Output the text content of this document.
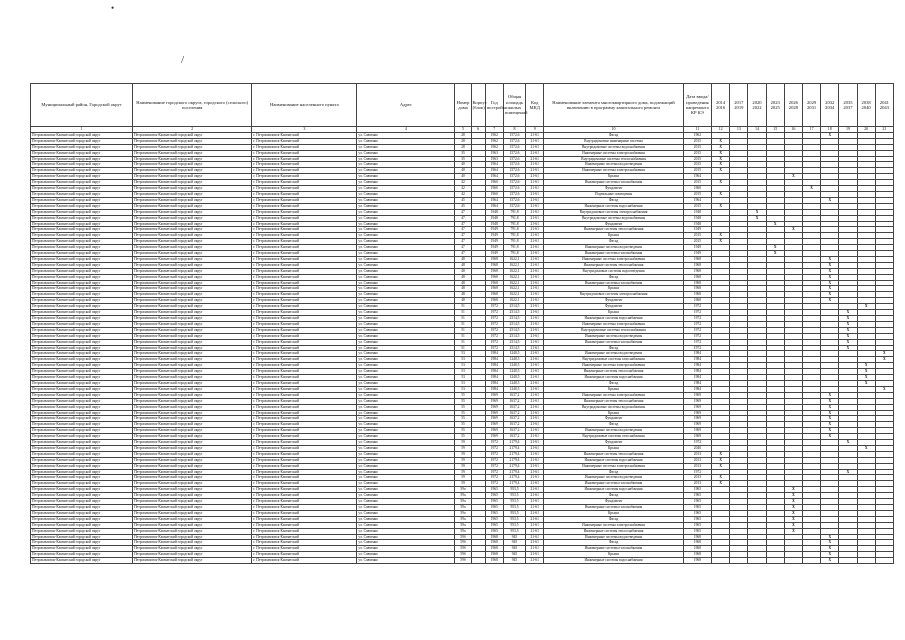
•
/
Муниципальный район, Городской округ	Наименование городского округа, городского (сельского) поселения	Наименование населенного пункта	Адрес	Номер дома	Корпус (блок)	Год постройки	Общая площадь жилых помещений	Код МКД	Наименование элемента многоквартирного дома, подлежащий включению в программу капитального ремонта	Дата ввода/ проведения капремонта КР КЭ	2014 2016	2017 2019	2020 2022	2023 2025	2026 2028	2029 2031	2032 2034	2035 2037	2038 2040	2041 2043
1	2	3	4	5	6	7	8	9	10	11	12	13	14	15	16	17	18	19	20	21
Петропавловск-Камчатский городской округ	Петропавловск-Камчатский городской округ	г. Петропавловск-Камчатский	ул. Савченко	28		1962	1572,6	21-61	Фасад	1962							X			
Петропавловск-Камчатский городской округ	Петропавловск-Камчатский городской округ	г. Петропавловск-Камчатский	ул. Савченко	28		1962	1572,6	21-61	Внутридомовые инженерные системы	2015	X									
Петропавловск-Камчатский городской округ	Петропавловск-Камчатский городской округ	г. Петропавловск-Камчатский	ул. Савченко	28		1962	1572,6	21-61	Внутридомовые системы водоснабжения	2015	X									
Петропавловск-Камчатский городской округ	Петропавловск-Камчатский городской округ	г. Петропавловск-Камчатский	ул. Савченко	35		1963	1572,6	21-61	Инженерные системы электроснабжения	2015	X									
Петропавловск-Камчатский городской округ	Петропавловск-Камчатский городской округ	г. Петропавловск-Камчатский	ул. Савченко	35		1963	1572,6	21-61	Внутридомовые системы теплоснабжения	2015	X									
Петропавловск-Камчатский городской округ	Петропавловск-Камчатский городской округ	г. Петропавловск-Камчатский	ул. Савченко	40		1964	1572,6	21-61	Инженерные системы водоотведения	2015	X									
Петропавловск-Камчатский городской округ	Петропавловск-Камчатский городской округ	г. Петропавловск-Камчатский	ул. Савченко	40		1964	1572,6	21-61	Инженерные системы электроснабжения	2015	X									
Петропавловск-Камчатский городской округ	Петропавловск-Камчатский городской округ	г. Петропавловск-Камчатский	ул. Савченко	40		1964	1572,6	21-61	Крыша	1964					X					
Петропавловск-Камчатский городской округ	Петропавловск-Камчатский городской округ	г. Петропавловск-Камчатский	ул. Савченко	42		1960	1572,6	21-61	Инженерные системы газоснабжения	2015	X									
Петропавловск-Камчатский городской округ	Петропавловск-Камчатский городской округ	г. Петропавловск-Камчатский	ул. Савченко	42		1960	1572,6	21-61	Фундамент	1960						X				
Петропавловск-Камчатский городской округ	Петропавловск-Камчатский городской округ	г. Петропавловск-Камчатский	ул. Савченко	42		1960	1572,6	21-61	Подвальные помещения	2015	X									
Петропавловск-Камчатский городской округ	Петропавловск-Камчатский городской округ	г. Петропавловск-Камчатский	ул. Савченко	45		1964	1572,6	21-61	Фасад	1964							X			
Петропавловск-Камчатский городской округ	Петропавловск-Камчатский городской округ	г. Петропавловск-Камчатский	ул. Савченко	45		1964	1572,6	21-61	Инженерные системы водоснабжения	2015	X									
Петропавловск-Камчатский городской округ	Петропавловск-Камчатский городской округ	г. Петропавловск-Камчатский	ул. Савченко	47		1948	791,8	21-61	Внутридомовые системы электроснабжения	1948			X							
Петропавловск-Камчатский городской округ	Петропавловск-Камчатский городской округ	г. Петропавловск-Камчатский	ул. Савченко	47		1948	791,8	21-61	Внутридомовые системы водоснабжения	1948			X							
Петропавловск-Камчатский городской округ	Петропавловск-Камчатский городской округ	г. Петропавловск-Камчатский	ул. Савченко	47		1948	791,8	21-61	Фундамент	1948				X						
Петропавловск-Камчатский городской округ	Петропавловск-Камчатский городской округ	г. Петропавловск-Камчатский	ул. Савченко	47		1949	791,8	21-61	Инженерные системы теплоснабжения	1949					X					
Петропавловск-Камчатский городской округ	Петропавловск-Камчатский городской округ	г. Петропавловск-Камчатский	ул. Савченко	47		1949	791,8	21-61	Крыша	2015	X									
Петропавловск-Камчатский городской округ	Петропавловск-Камчатский городской округ	г. Петропавловск-Камчатский	ул. Савченко	47		1949	791,8	21-61	Фасад	2015	X									
Петропавловск-Камчатский городской округ	Петропавловск-Камчатский городской округ	г. Петропавловск-Камчатский	ул. Савченко	47		1949	791,8	21-61	Инженерные системы водоотведения	1949				X						
Петропавловск-Камчатский городской округ	Петропавловск-Камчатский городской округ	г. Петропавловск-Камчатский	ул. Савченко	47		1949	791,8	21-61	Инженерные системы газоснабжения	1949				X						
Петропавловск-Камчатский городской округ	Петропавловск-Камчатский городской округ	г. Петропавловск-Камчатский	ул. Савченко	48		1968	1622,1	21-61	Инженерные системы электроснабжения	1968							X			
Петропавловск-Камчатский городской округ	Петропавловск-Камчатский городской округ	г. Петропавловск-Камчатский	ул. Савченко	48		1968	1622,1	21-61	Инженерные системы теплоснабжения	1968							X			
Петропавловск-Камчатский городской округ	Петропавловск-Камчатский городской округ	г. Петропавловск-Камчатский	ул. Савченко	48		1968	1622,1	21-61	Внутридомовые системы водоотведения	1968							X			
Петропавловск-Камчатский городской округ	Петропавловск-Камчатский городской округ	г. Петропавловск-Камчатский	ул. Савченко	48		1968	1622,1	21-61	Фасад	1968							X			
Петропавловск-Камчатский городской округ	Петропавловск-Камчатский городской округ	г. Петропавловск-Камчатский	ул. Савченко	48		1968	1622,1	21-61	Инженерные системы газоснабжения	1968							X			
Петропавловск-Камчатский городской округ	Петропавловск-Камчатский городской округ	г. Петропавловск-Камчатский	ул. Савченко	48		1968	1622,1	21-61	Крыша	1968							X			
Петропавловск-Камчатский городской округ	Петропавловск-Камчатский городской округ	г. Петропавловск-Камчатский	ул. Савченко	48		1968	1622,1	21-61	Внутридомовые системы электроснабжения	1968							X			
Петропавловск-Камчатский городской округ	Петропавловск-Камчатский городской округ	г. Петропавловск-Камчатский	ул. Савченко	48		1968	1622,1	21-61	Фундамент	1968							X			
Петропавловск-Камчатский городской округ	Петропавловск-Камчатский городской округ	г. Петропавловск-Камчатский	ул. Савченко	51		1972	2514,5	21-61	Фундамент	1972									X	
Петропавловск-Камчатский городской округ	Петропавловск-Камчатский городской округ	г. Петропавловск-Камчатский	ул. Савченко	51		1972	2514,5	21-61	Крыша	1972								X		
Петропавловск-Камчатский городской округ	Петропавловск-Камчатский городской округ	г. Петропавловск-Камчатский	ул. Савченко	51		1972	2514,5	21-61	Инженерные системы водоснабжения	1972								X		
Петропавловск-Камчатский городской округ	Петропавловск-Камчатский городской округ	г. Петропавловск-Камчатский	ул. Савченко	51		1972	2514,5	21-61	Инженерные системы электроснабжения	1972								X		
Петропавловск-Камчатский городской округ	Петропавловск-Камчатский городской округ	г. Петропавловск-Камчатский	ул. Савченко	51		1972	2514,5	21-61	Внутридомовые системы теплоснабжения	1972								X		
Петропавловск-Камчатский городской округ	Петропавловск-Камчатский городской округ	г. Петропавловск-Камчатский	ул. Савченко	51		1972	2514,5	21-61	Инженерные системы водоотведения	1972								X		
Петропавловск-Камчатский городской округ	Петропавловск-Камчатский городской округ	г. Петропавловск-Камчатский	ул. Савченко	51		1972	2514,5	21-61	Инженерные системы газоснабжения	1972								X		
Петропавловск-Камчатский городской округ	Петропавловск-Камчатский городской округ	г. Петропавловск-Камчатский	ул. Савченко	51		1972	2514,5	21-61	Фасад	1972								X		
Петропавловск-Камчатский городской округ	Петропавловск-Камчатский городской округ	г. Петропавловск-Камчатский	ул. Савченко	53		1984	1240,5	21-61	Инженерные системы водоотведения	1984										X
Петропавловск-Камчатский городской округ	Петропавловск-Камчатский городской округ	г. Петропавловск-Камчатский	ул. Савченко	53		1984	1240,5	21-61	Внутридомовые системы газоснабжения	1984										X
Петропавловск-Камчатский городской округ	Петропавловск-Камчатский городской округ	г. Петропавловск-Камчатский	ул. Савченко	53		1984	1240,5	21-61	Инженерные системы электроснабжения	1984									X	
Петропавловск-Камчатский городской округ	Петропавловск-Камчатский городской округ	г. Петропавловск-Камчатский	ул. Савченко	53		1984	1240,5	21-61	Инженерные системы теплоснабжения	1984									X	
Петропавловск-Камчатский городской округ	Петропавловск-Камчатский городской округ	г. Петропавловск-Камчатский	ул. Савченко	53		1984	1240,5	21-61	Инженерные системы водоснабжения	1984									X	
Петропавловск-Камчатский городской округ	Петропавловск-Камчатский городской округ	г. Петропавловск-Камчатский	ул. Савченко	53		1984	1240,5	21-61	Фасад	1984									X	
Петропавловск-Камчатский городской округ	Петропавловск-Камчатский городской округ	г. Петропавловск-Камчатский	ул. Савченко	53		1984	1240,5	21-61	Крыша	1984										X
Петропавловск-Камчатский городской округ	Петропавловск-Камчатский городской округ	г. Петропавловск-Камчатский	ул. Савченко	55		1969	1637,2	21-61	Инженерные системы электроснабжения	1969							X			
Петропавловск-Камчатский городской округ	Петропавловск-Камчатский городской округ	г. Петропавловск-Камчатский	ул. Савченко	55		1969	1637,2	21-61	Инженерные системы теплоснабжения	1969							X			
Петропавловск-Камчатский городской округ	Петропавловск-Камчатский городской округ	г. Петропавловск-Камчатский	ул. Савченко	55		1969	1637,2	21-61	Внутридомовые системы водоснабжения	1969							X			
Петропавловск-Камчатский городской округ	Петропавловск-Камчатский городской округ	г. Петропавловск-Камчатский	ул. Савченко	55		1969	1637,2	21-61	Крыша	1969							X			
Петропавловск-Камчатский городской округ	Петропавловск-Камчатский городской округ	г. Петропавловск-Камчатский	ул. Савченко	55		1969	1637,2	21-61	Фундамент	1969							X			
Петропавловск-Камчатский городской округ	Петропавловск-Камчатский городской округ	г. Петропавловск-Камчатский	ул. Савченко	55		1969	1637,2	21-61	Фасад	1969							X			
Петропавловск-Камчатский городской округ	Петропавловск-Камчатский городской округ	г. Петропавловск-Камчатский	ул. Савченко	55		1969	1637,2	21-61	Инженерные системы водоотведения	1969							X			
Петропавловск-Камчатский городской округ	Петропавловск-Камчатский городской округ	г. Петропавловск-Камчатский	ул. Савченко	55		1969	1637,2	21-61	Внутридомовые системы газоснабжения	1969							X			
Петропавловск-Камчатский городской округ	Петропавловск-Камчатский городской округ	г. Петропавловск-Камчатский	ул. Савченко	59		1972	2179,4	21-61	Фундамент	1972								X		
Петропавловск-Камчатский городской округ	Петропавловск-Камчатский городской округ	г. Петропавловск-Камчатский	ул. Савченко	59		1972	2179,4	21-61	Крыша	2040									X	
Петропавловск-Камчатский городской округ	Петропавловск-Камчатский городской округ	г. Петропавловск-Камчатский	ул. Савченко	59		1972	2179,4	21-61	Инженерные системы теплоснабжения	2013	X									
Петропавловск-Камчатский городской округ	Петропавловск-Камчатский городской округ	г. Петропавловск-Камчатский	ул. Савченко	59		1972	2179,4	21-61	Инженерные системы водоснабжения	2013	X									
Петропавловск-Камчатский городской округ	Петропавловск-Камчатский городской округ	г. Петропавловск-Камчатский	ул. Савченко	59		1972	2179,4	21-61	Инженерные системы электроснабжения	2013	X									
Петропавловск-Камчатский городской округ	Петропавловск-Камчатский городской округ	г. Петропавловск-Камчатский	ул. Савченко	59		1972	2179,4	21-61	Фасад	1972								X		
Петропавловск-Камчатский городской округ	Петропавловск-Камчатский городской округ	г. Петропавловск-Камчатский	ул. Савченко	59		1972	2179,4	21-61	Инженерные системы водоотведения	2013	X									
Петропавловск-Камчатский городской округ	Петропавловск-Камчатский городской округ	г. Петропавловск-Камчатский	ул. Савченко	59		1972	2179,4	21-61	Инженерные системы газоснабжения	2013	X									
Петропавловск-Камчатский городской округ	Петропавловск-Камчатский городской округ	г. Петропавловск-Камчатский	ул. Савченко	59a		1965	953,5	21-61	Инженерные системы водоснабжения	1965					X					
Петропавловск-Камчатский городской округ	Петропавловск-Камчатский городской округ	г. Петропавловск-Камчатский	ул. Савченко	59a		1965	953,5	21-61	Фасад	1965					X					
Петропавловск-Камчатский городской округ	Петропавловск-Камчатский городской округ	г. Петропавловск-Камчатский	ул. Савченко	59a		1965	953,5	21-61	Фундамент	1965					X					
Петропавловск-Камчатский городской округ	Петропавловск-Камчатский городской округ	г. Петропавловск-Камчатский	ул. Савченко	59a		1965	953,5	21-61	Инженерные системы газоснабжения	1965					X					
Петропавловск-Камчатский городской округ	Петропавловск-Камчатский городской округ	г. Петропавловск-Камчатский	ул. Савченко	59a		1965	953,5	21-61	Крыша	1965					X					
Петропавловск-Камчатский городской округ	Петропавловск-Камчатский городской округ	г. Петропавловск-Камчатский	ул. Савченко	59a		1965	953,5	21-61	Фасад	1965					X					
Петропавловск-Камчатский городской округ	Петропавловск-Камчатский городской округ	г. Петропавловск-Камчатский	ул. Савченко	59a		1965	953,5	21-61	Инженерные системы электроснабжения	1965					X					
Петропавловск-Камчатский городской округ	Петропавловск-Камчатский городской округ	г. Петропавловск-Камчатский	ул. Савченко	59a		1965	953,5	21-61	Инженерные системы теплоснабжения	1965					X					
Петропавловск-Камчатский городской округ	Петропавловск-Камчатский городской округ	г. Петропавловск-Камчатский	ул. Савченко	59б		1968	945	21-61	Инженерные системы водоотведения	1968							X			
Петропавловск-Камчатский городской округ	Петропавловск-Камчатский городской округ	г. Петропавловск-Камчатский	ул. Савченко	59б		1968	945	21-61	Фасад	1968							X			
Петропавловск-Камчатский городской округ	Петропавловск-Камчатский городской округ	г. Петропавловск-Камчатский	ул. Савченко	59б		1968	945	21-61	Инженерные системы газоснабжения	1968							X			
Петропавловск-Камчатский городской округ	Петропавловск-Камчатский городской округ	г. Петропавловск-Камчатский	ул. Савченко	59б		1968	945	21-61	Крыша	1968							X			
Петропавловск-Камчатский городской округ	Петропавловск-Камчатский городской округ	г. Петропавловск-Камчатский	ул. Савченко	59б		1968	945	21-61	Инженерные системы водоснабжения	1968							X			
